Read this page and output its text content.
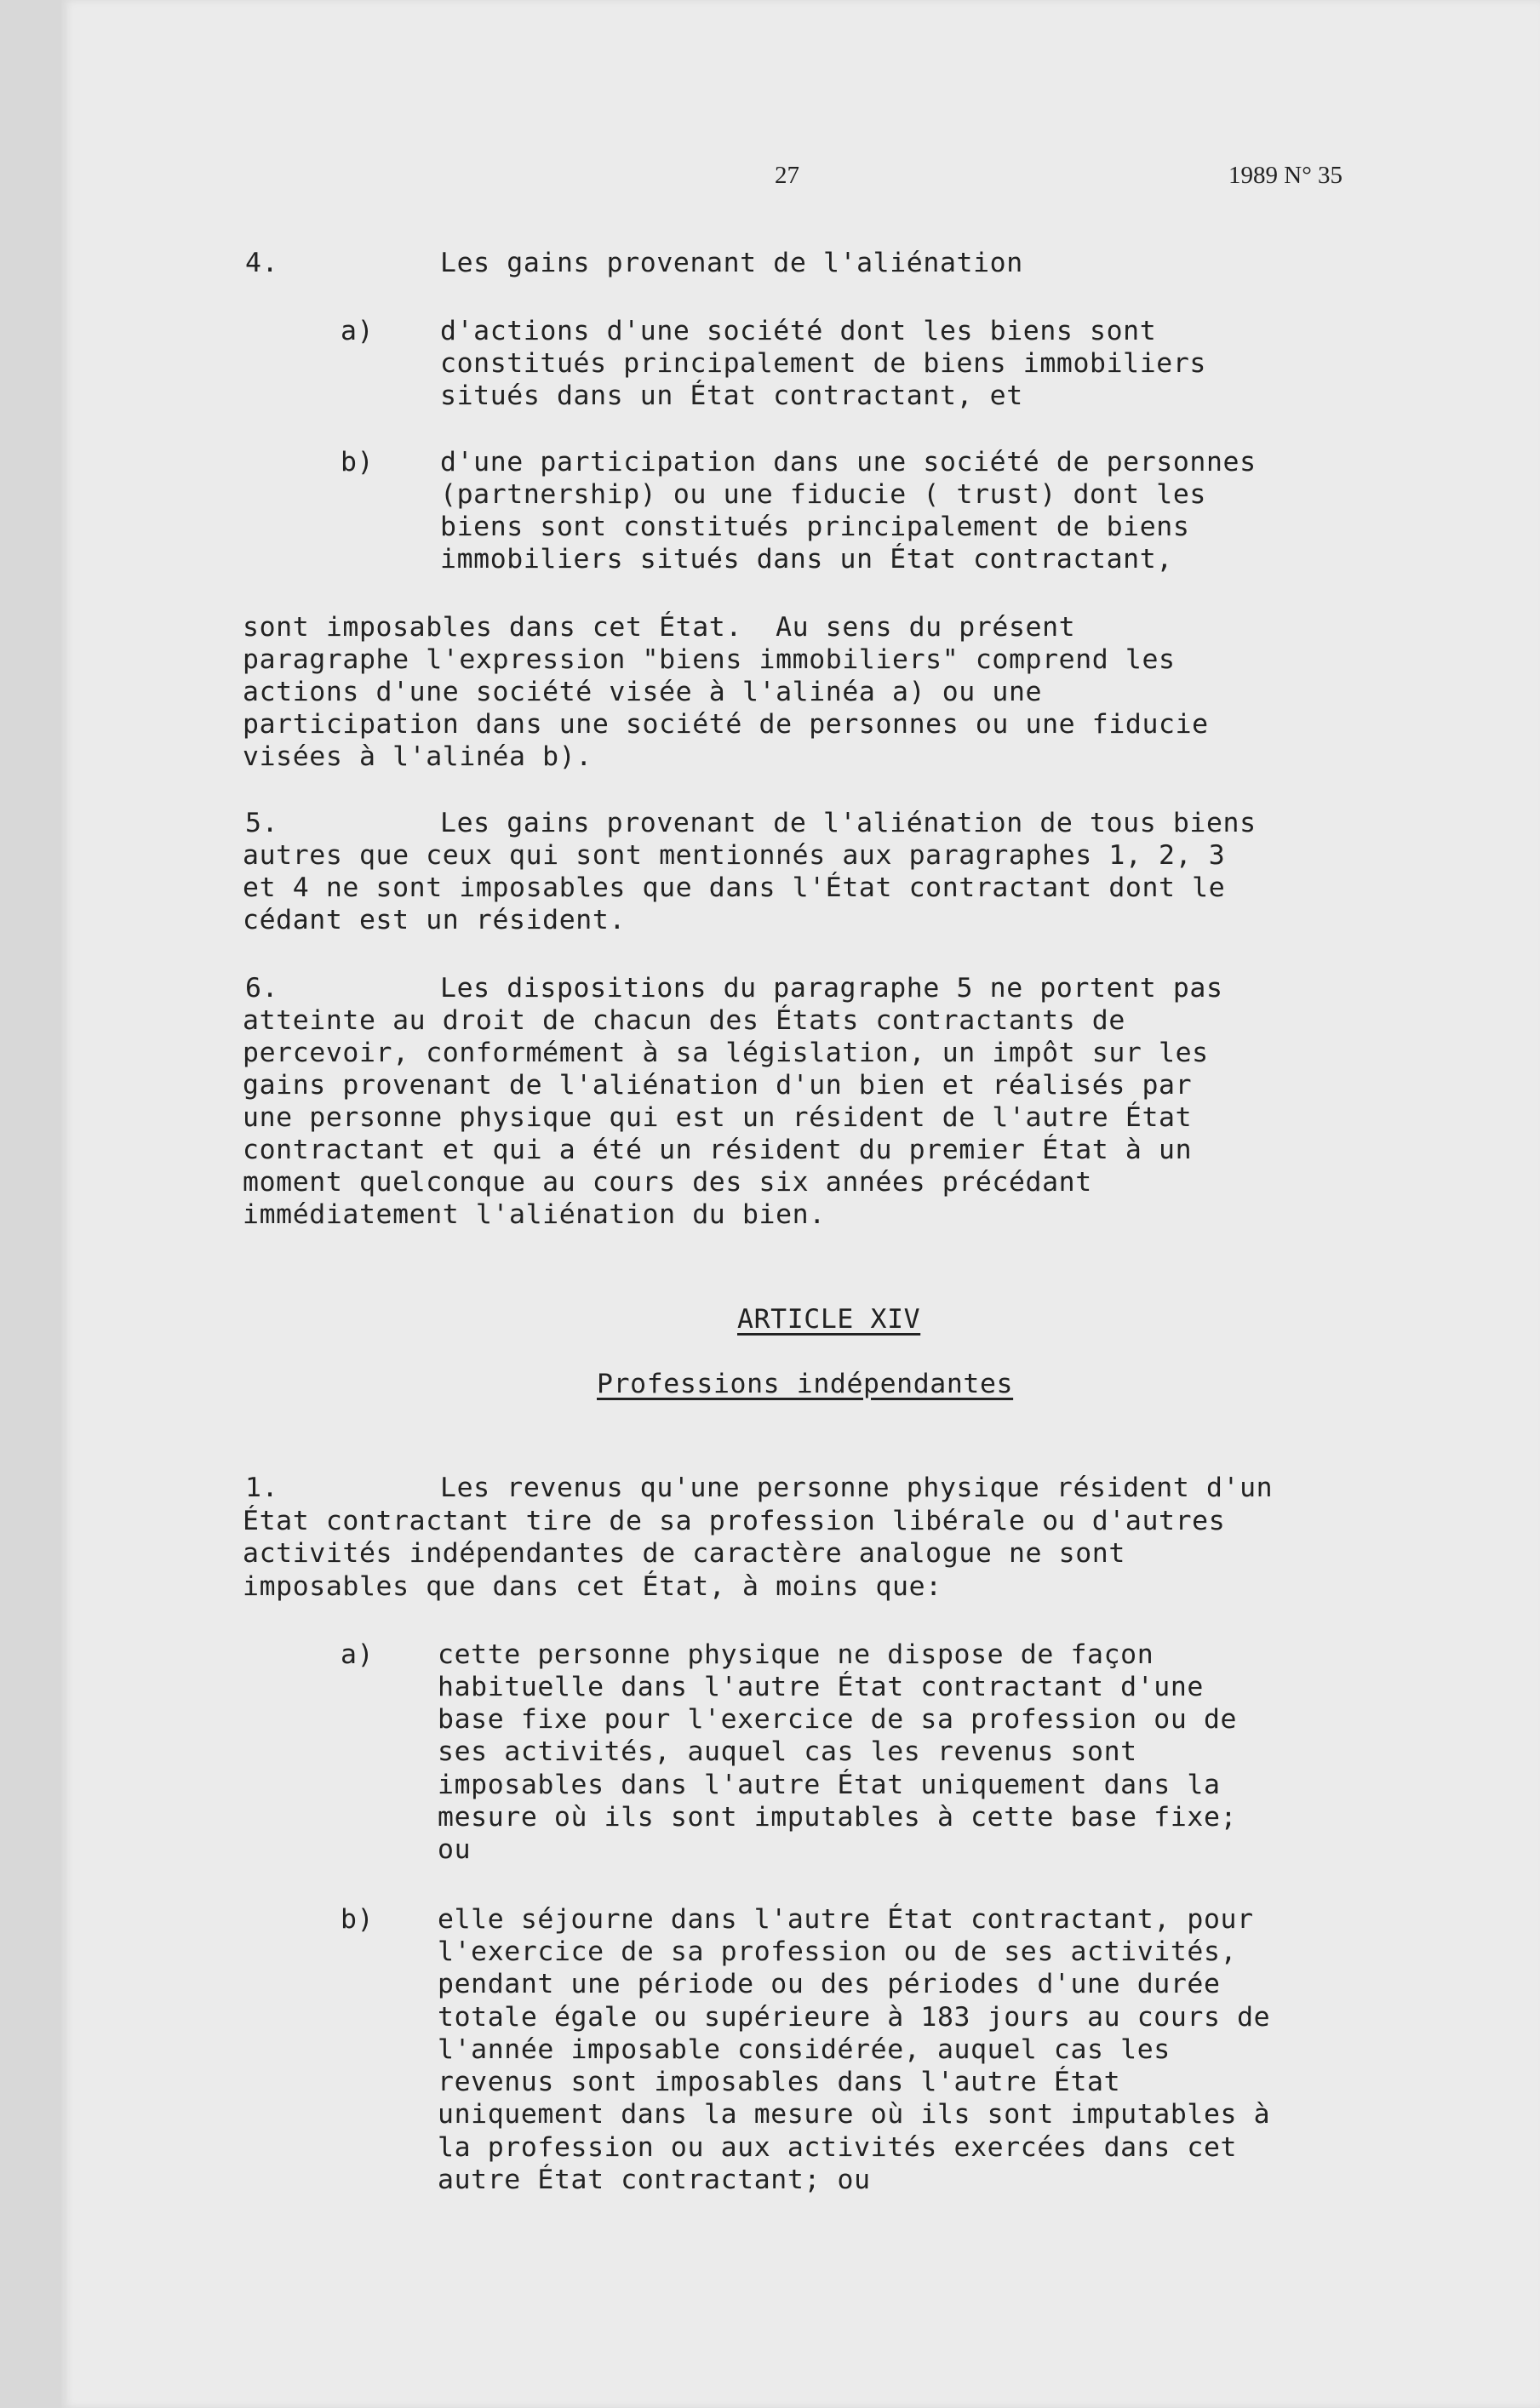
27	1989 N° 35
4.	Les gains provenant de l'aliénation
a) d'actions d'une société dont les biens sont
constitués principalement de biens immobiliers
situés dans un État contractant, et
b) d'une participation dans une société de personnes
(partnership) ou une fiducie ( trust) dont les
biens sont constitués principalement de biens
immobiliers situés dans un État contractant,
sont imposables dans cet État.  Au sens du présent
paragraphe l'expression "biens immobiliers" comprend les
actions d'une société visée à l'alinéa a) ou une
participation dans une société de personnes ou une fiducie
visées à l'alinéa b).
5.	Les gains provenant de l'aliénation de tous biens
autres que ceux qui sont mentionnés aux paragraphes 1, 2, 3
et 4 ne sont imposables que dans l'État contractant dont le
cédant est un résident.
6.	Les dispositions du paragraphe 5 ne portent pas
atteinte au droit de chacun des États contractants de
percevoir, conformément à sa législation, un impôt sur les
gains provenant de l'aliénation d'un bien et réalisés par
une personne physique qui est un résident de l'autre État
contractant et qui a été un résident du premier État à un
moment quelconque au cours des six années précédant
immédiatement l'aliénation du bien.
ARTICLE XIV
Professions indépendantes
1.	Les revenus qu'une personne physique résident d'un
État contractant tire de sa profession libérale ou d'autres
activités indépendantes de caractère analogue ne sont
imposables que dans cet État, à moins que:
a) cette personne physique ne dispose de façon
habituelle dans l'autre État contractant d'une
base fixe pour l'exercice de sa profession ou de
ses activités, auquel cas les revenus sont
imposables dans l'autre État uniquement dans la
mesure où ils sont imputables à cette base fixe;
ou
b) elle séjourne dans l'autre État contractant, pour
l'exercice de sa profession ou de ses activités,
pendant une période ou des périodes d'une durée
totale égale ou supérieure à 183 jours au cours de
l'année imposable considérée, auquel cas les
revenus sont imposables dans l'autre État
uniquement dans la mesure où ils sont imputables à
la profession ou aux activités exercées dans cet
autre État contractant; ou
